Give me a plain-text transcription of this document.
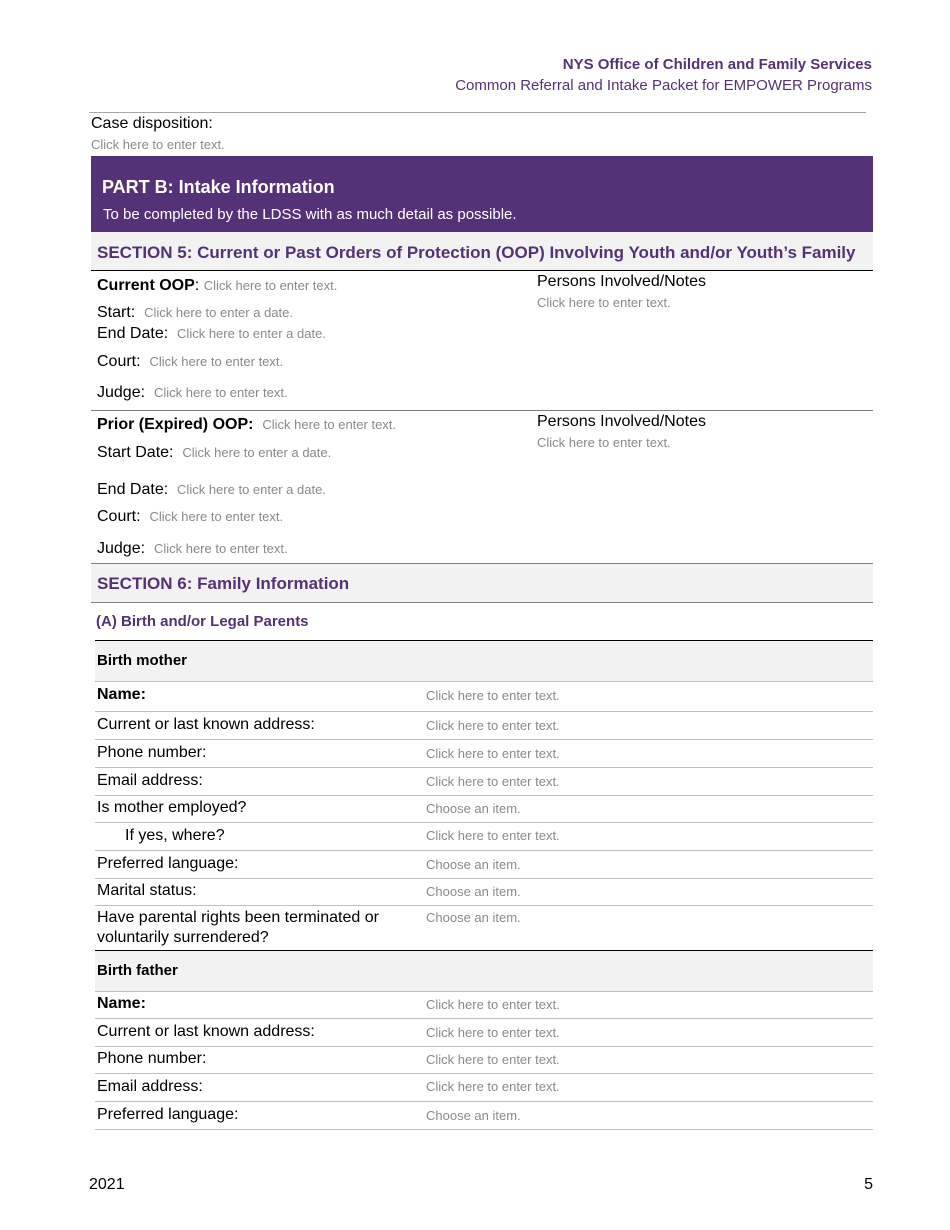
NYS Office of Children and Family Services
Common Referral and Intake Packet for EMPOWER Programs
Case disposition:
Click here to enter text.
PART B: Intake Information
To be completed by the LDSS with as much detail as possible.
SECTION 5: Current or Past Orders of Protection (OOP) Involving Youth and/or Youth’s Family
Current OOP: Click here to enter text.
Start: Click here to enter a date.
End Date: Click here to enter a date.
Court: Click here to enter text.
Judge: Click here to enter text.
Persons Involved/Notes
Click here to enter text.
Prior (Expired) OOP: Click here to enter text.
Start Date: Click here to enter a date.
End Date: Click here to enter a date.
Court: Click here to enter text.
Judge: Click here to enter text.
Persons Involved/Notes
Click here to enter text.
SECTION 6: Family Information
(A) Birth and/or Legal Parents
Birth mother
Name:	Click here to enter text.
Current or last known address:	Click here to enter text.
Phone number:	Click here to enter text.
Email address:	Click here to enter text.
Is mother employed?	Choose an item.
If yes, where?	Click here to enter text.
Preferred language:	Choose an item.
Marital status:	Choose an item.
Have parental rights been terminated or voluntarily surrendered?
Choose an item.
Birth father
Name:	Click here to enter text.
Current or last known address:	Click here to enter text.
Phone number:	Click here to enter text.
Email address:	Click here to enter text.
Preferred language:	Choose an item.
2021	5
